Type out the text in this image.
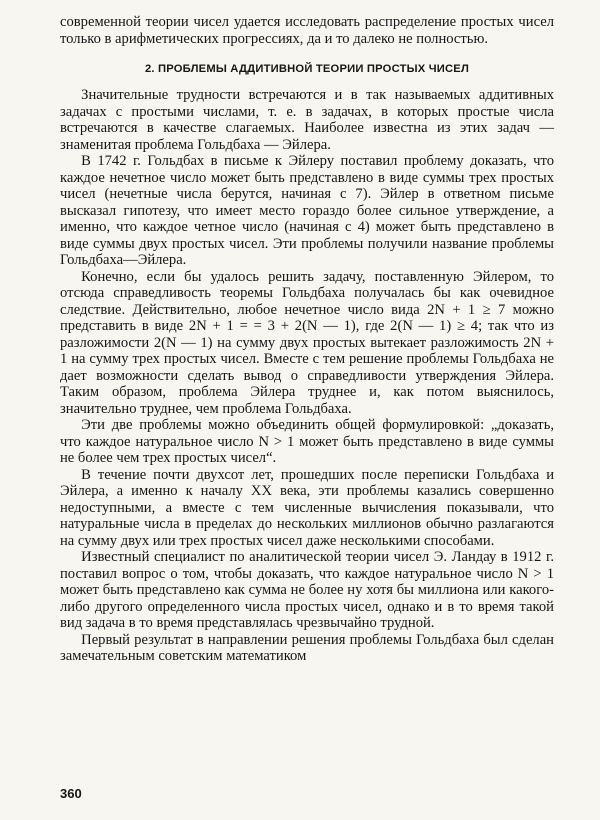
современной теории чисел удается исследовать распределение простых чисел только в арифметических прогрессиях, да и то далеко не полностью.

2. ПРОБЛЕМЫ АДДИТИВНОЙ ТЕОРИИ ПРОСТЫХ ЧИСЕЛ

Значительные трудности встречаются и в так называемых аддитивных задачах с простыми числами, т. е. в задачах, в которых простые числа встречаются в качестве слагаемых. Наиболее известна из этих задач — знаменитая проблема Гольдбаха — Эйлера.

В 1742 г. Гольдбах в письме к Эйлеру поставил проблему доказать, что каждое нечетное число может быть представлено в виде суммы трех простых чисел (нечетные числа берутся, начиная с 7). Эйлер в ответном письме высказал гипотезу, что имеет место гораздо более сильное утверждение, а именно, что каждое четное число (начиная с 4) может быть представлено в виде суммы двух простых чисел. Эти проблемы получили название проблемы Гольдбаха—Эйлера.

Конечно, если бы удалось решить задачу, поставленную Эйлером, то отсюда справедливость теоремы Гольдбаха получалась бы как очевидное следствие. Действительно, любое нечетное число вида 2N + 1 ≥ 7 можно представить в виде 2N + 1 = = 3 + 2(N — 1), где 2(N — 1) ≥ 4; так что из разложимости 2(N — 1) на сумму двух простых вытекает разложимость 2N + 1 на сумму трех простых чисел. Вместе с тем решение проблемы Гольдбаха не дает возможности сделать вывод о справедливости утверждения Эйлера. Таким образом, проблема Эйлера труднее и, как потом выяснилось, значительно труднее, чем проблема Гольдбаха.

Эти две проблемы можно объединить общей формулировкой: „доказать, что каждое натуральное число N > 1 может быть представлено в виде суммы не более чем трех простых чисел“.

В течение почти двухсот лет, прошедших после переписки Гольдбаха и Эйлера, а именно к началу XX века, эти проблемы казались совершенно недоступными, а вместе с тем численные вычисления показывали, что натуральные числа в пределах до нескольких миллионов обычно разлагаются на сумму двух или трех простых чисел даже несколькими способами.

Известный специалист по аналитической теории чисел Э. Ландау в 1912 г. поставил вопрос о том, чтобы доказать, что каждое натуральное число N > 1 может быть представлено как сумма не более ну хотя бы миллиона или какого-либо другого определенного числа простых чисел, однако и в то время такой вид задача в то время представлялась чрезвычайно трудной.

Первый результат в направлении решения проблемы Гольдбаха был сделан замечательным советским математиком

360
